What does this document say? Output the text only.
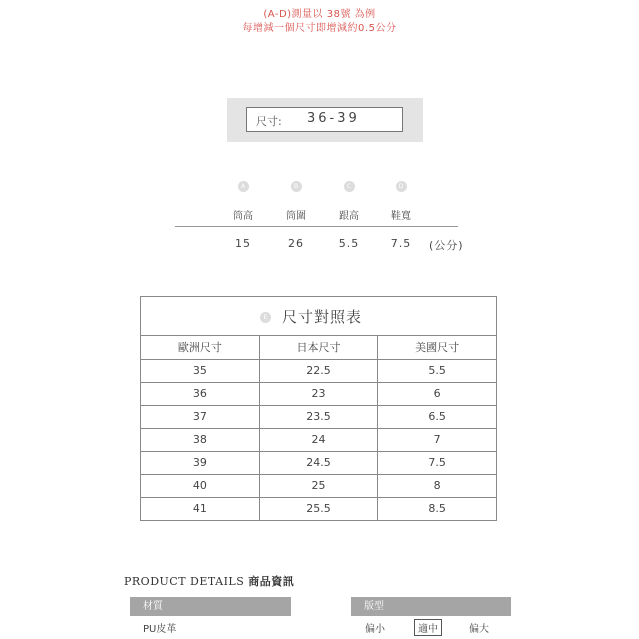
(A-D)測量以 38號 為例
每增減一個尺寸即增減約0.5公分
尺寸: 36-39
A	B	C	D
筒高	筒圍	跟高	鞋寬
15	26	5.5	7.5	(公分)
E 尺寸對照表
歐洲尺寸	日本尺寸	美國尺寸
35	22.5	5.5
36	23	6
37	23.5	6.5
38	24	7
39	24.5	7.5
40	25	8
41	25.5	8.5
PRODUCT DETAILS 商品資訊
材質	版型
PU皮革	偏小	適中	偏大
